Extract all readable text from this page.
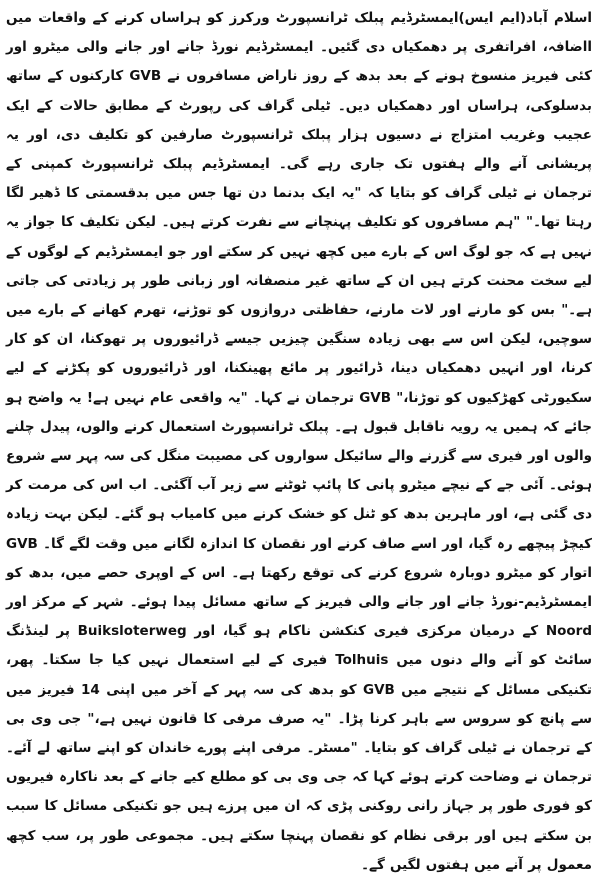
اسلام آباد(ایم ایس)ایمسٹرڈیم پبلک ٹرانسپورٹ ورکرز کو ہراساں کرنے کے واقعات میں ااضافہ، افراتفری پر دھمکیاں دی گئیں۔ ایمسٹرڈیم نورڈ جانے اور جانے والی میٹرو اور کئی فیریز منسوخ ہونے کے بعد بدھ کے روز ناراض مسافروں نے GVB کارکنوں کے ساتھ بدسلوکی، ہراساں اور دھمکیاں دیں۔ ٹیلی گراف کی رپورٹ کے مطابق حالات کے ایک عجیب وغریب امتزاج نے دسیوں ہزار پبلک ٹرانسپورٹ صارفین کو تکلیف دی، اور یہ پریشانی آنے والے ہفتوں تک جاری رہے گی۔ ایمسٹرڈیم پبلک ٹرانسپورٹ کمپنی کے ترجمان نے ٹیلی گراف کو بتایا کہ "یہ ایک بدنما دن تھا جس میں بدقسمتی کا ڈھیر لگا رہتا تھا۔" "ہم مسافروں کو تکلیف پہنچانے سے نفرت کرتے ہیں۔ لیکن تکلیف کا جواز یہ نہیں ہے کہ جو لوگ اس کے بارے میں کچھ نہیں کر سکتے اور جو ایمسٹرڈیم کے لوگوں کے لیے سخت محنت کرتے ہیں ان کے ساتھ غیر منصفانہ اور زبانی طور پر زیادتی کی جاتی ہے۔" بس کو مارنے اور لات مارنے، حفاظتی دروازوں کو توڑنے، تھرم کھانے کے بارے میں سوچیں، لیکن اس سے بھی زیادہ سنگین چیزیں جیسے ڈرائیوروں پر تھوکنا، ان کو کار کرنا، اور انہیں دھمکیاں دینا، ڈرائیور پر مائع پھینکنا، اور ڈرائیوروں کو پکڑنے کے لیے سکیورٹی کھڑکیوں کو توڑنا،" GVB ترجمان نے کہا۔ "یہ واقعی عام نہیں ہے! یہ واضح ہو جائے کہ ہمیں یہ رویہ ناقابل قبول ہے۔ پبلک ٹرانسپورٹ استعمال کرنے والوں، پیدل چلنے والوں اور فیری سے گزرنے والے سائیکل سواروں کی مصیبت منگل کی سہ پہر سے شروع ہوئی۔ آئی جے کے نیچے میٹرو پانی کا پائپ ٹوٹنے سے زیر آب آگئی۔ اب اس کی مرمت کر دی گئی ہے، اور ماہرین بدھ کو ٹنل کو خشک کرنے میں کامیاب ہو گئے۔ لیکن بہت زیادہ کیچڑ پیچھے رہ گیا، اور اسے صاف کرنے اور نقصان کا اندازہ لگانے میں وقت لگے گا۔ GVB اتوار کو میٹرو دوبارہ شروع کرنے کی توقع رکھتا ہے۔ اس کے اوپری حصے میں، بدھ کو ایمسٹرڈیم-نورڈ جانے اور جانے والی فیریز کے ساتھ مسائل پیدا ہوئے۔ شہر کے مرکز اور Noord کے درمیان مرکزی فیری کنکشن ناکام ہو گیا، اور Buiksloterweg پر لینڈنگ سائٹ کو آنے والے دنوں میں Tolhuis فیری کے لیے استعمال نہیں کیا جا سکتا۔ پھر، تکنیکی مسائل کے نتیجے میں GVB کو بدھ کی سہ پہر کے آخر میں اپنی 14 فیریز میں سے پانچ کو سروس سے باہر کرنا پڑا۔ "یہ صرف مرفی کا قانون نہیں ہے،" جی وی بی کے ترجمان نے ٹیلی گراف کو بتایا۔ "مسٹر۔ مرفی اپنے پورے خاندان کو اپنے ساتھ لے آئے۔ ترجمان نے وضاحت کرتے ہوئے کہا کہ جی وی بی کو مطلع کیے جانے کے بعد ناکارہ فیریوں کو فوری طور پر جہاز رانی روکنی پڑی کہ ان میں پرزے ہیں جو تکنیکی مسائل کا سبب بن سکتے ہیں اور برقی نظام کو نقصان پہنچا سکتے ہیں۔ مجموعی طور پر، سب کچھ معمول پر آنے میں ہفتوں لگیں گے۔
